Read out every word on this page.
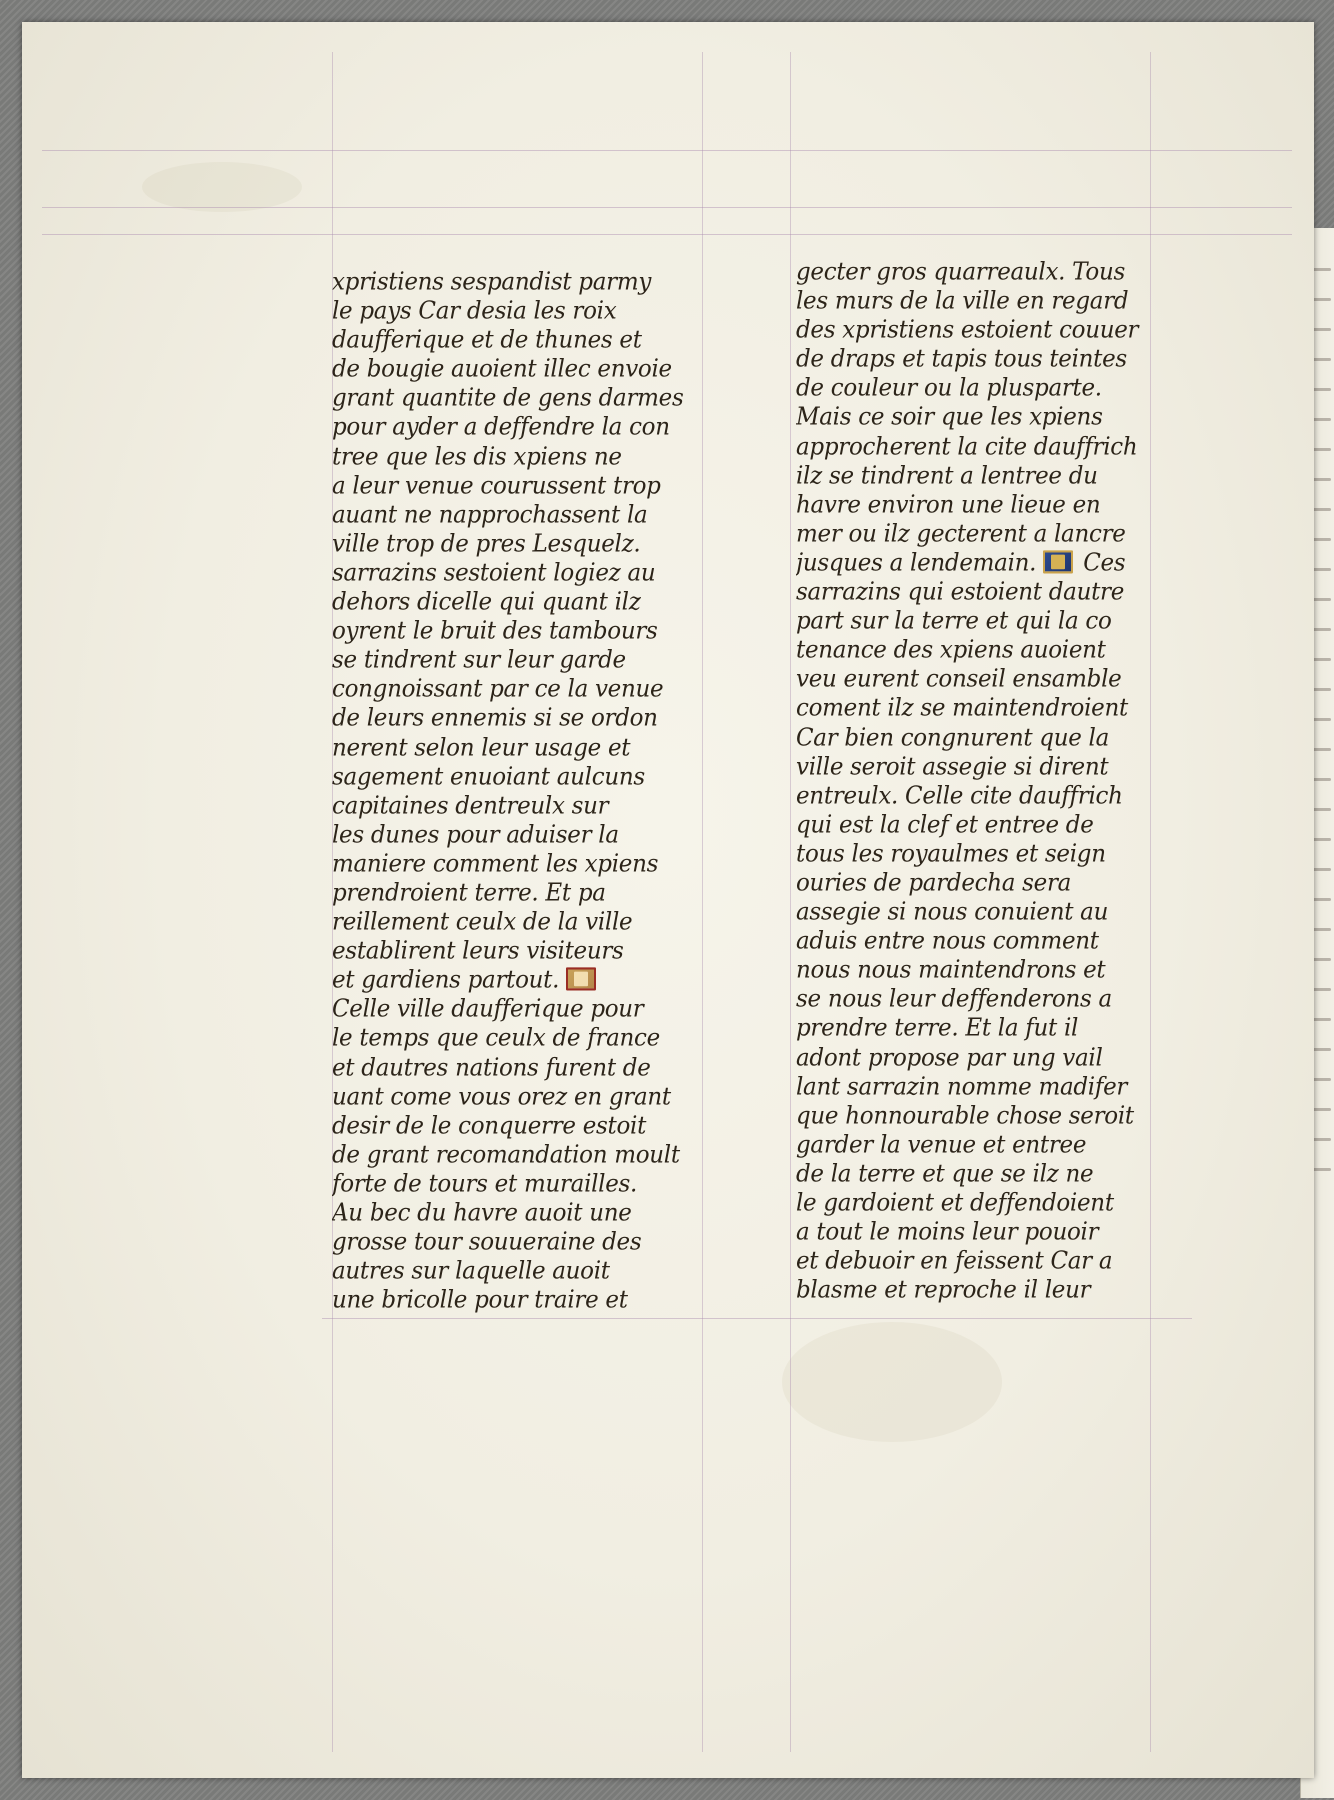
xpristiens sespandist parmy
le pays Car desia les roix
daufferique et de thunes et
de bougie auoient illec envoie
grant quantite de gens darmes
pour ayder a deffendre la con
tree que les dis xpiens ne
a leur venue courussent trop
auant ne napprochassent la
ville trop de pres Lesquelz.
sarrazins sestoient logiez au
dehors dicelle qui quant ilz
oyrent le bruit des tambours
se tindrent sur leur garde
congnoissant par ce la venue
de leurs ennemis si se ordon
nerent selon leur usage et
sagement enuoiant aulcuns
capitaines dentreulx sur
les dunes pour aduiser la
maniere comment les xpiens
prendroient terre. Et pa
reillement ceulx de la ville
establirent leurs visiteurs
et gardiens partout.
Celle ville daufferique pour
le temps que ceulx de france
et dautres nations furent de
uant come vous orez en grant
desir de le conquerre estoit
de grant recomandation moult
forte de tours et murailles.
Au bec du havre auoit une
grosse tour souueraine des
autres sur laquelle auoit
une bricolle pour traire et
gecter gros quarreaulx. Tous
les murs de la ville en regard
des xpristiens estoient couuer
de draps et tapis tous teintes
de couleur ou la plusparte.
Mais ce soir que les xpiens
approcherent la cite dauffrich
ilz se tindrent a lentree du
havre environ une lieue en
mer ou ilz gecterent a lancre
jusques a lendemain. Ces
sarrazins qui estoient dautre
part sur la terre et qui la co
tenance des xpiens auoient
veu eurent conseil ensamble
coment ilz se maintendroient
Car bien congnurent que la
ville seroit assegie si dirent
entreulx. Celle cite dauffrich
qui est la clef et entree de
tous les royaulmes et seign
ouries de pardecha sera
assegie si nous conuient au
aduis entre nous comment
nous nous maintendrons et
se nous leur deffenderons a
prendre terre. Et la fut il
adont propose par ung vail
lant sarrazin nomme madifer
que honnourable chose seroit
garder la venue et entree
de la terre et que se ilz ne
le gardoient et deffendoient
a tout le moins leur pouoir
et debuoir en feissent Car a
blasme et reproche il leur
